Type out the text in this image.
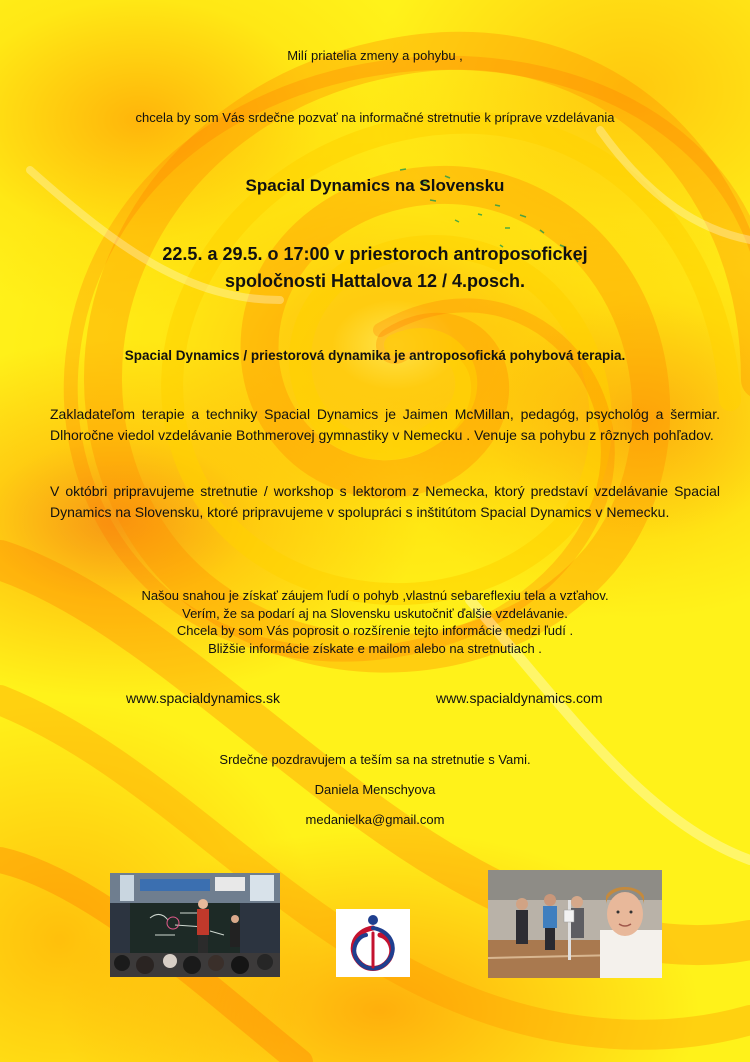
Milí priatelia zmeny a pohybu ,

chcela by som Vás srdečne pozvať na informačné stretnutie k príprave vzdelávania

Spacial Dynamics na Slovensku

22.5. a 29.5. o 17:00 v priestoroch antroposofickej
spoločnosti Hattalova 12 / 4.posch.

Spacial Dynamics / priestorová dynamika je antroposofická pohybová terapia.

Zakladateľom terapie a techniky Spacial Dynamics je Jaimen McMillan, pedagóg, psychológ a šermiar. Dlhoročne viedol vzdelávanie Bothmerovej gymnastiky v Nemecku . Venuje sa pohybu z rôznych pohľadov.

V októbri pripravujeme stretnutie / workshop s lektorom z Nemecka, ktorý predstaví vzdelávanie Spacial Dynamics na Slovensku, ktoré pripravujeme v spolupráci s inštitútom Spacial Dynamics v Nemecku.

Našou snahou je získať záujem ľudí o pohyb ,vlastnú sebareflexiu tela a vzťahov.
Verím, že sa podarí aj na Slovensku uskutočniť ďalšie vzdelávanie.
Chcela by som Vás poprosit o rozšírenie tejto informácie medzi ľudí .
Bližšie informácie získate e mailom alebo na stretnutiach .

www.spacialdynamics.sk	www.spacialdynamics.com

Srdečne pozdravujem a teším sa na stretnutie s Vami.

Daniela Menschyova

medanielka@gmail.com
